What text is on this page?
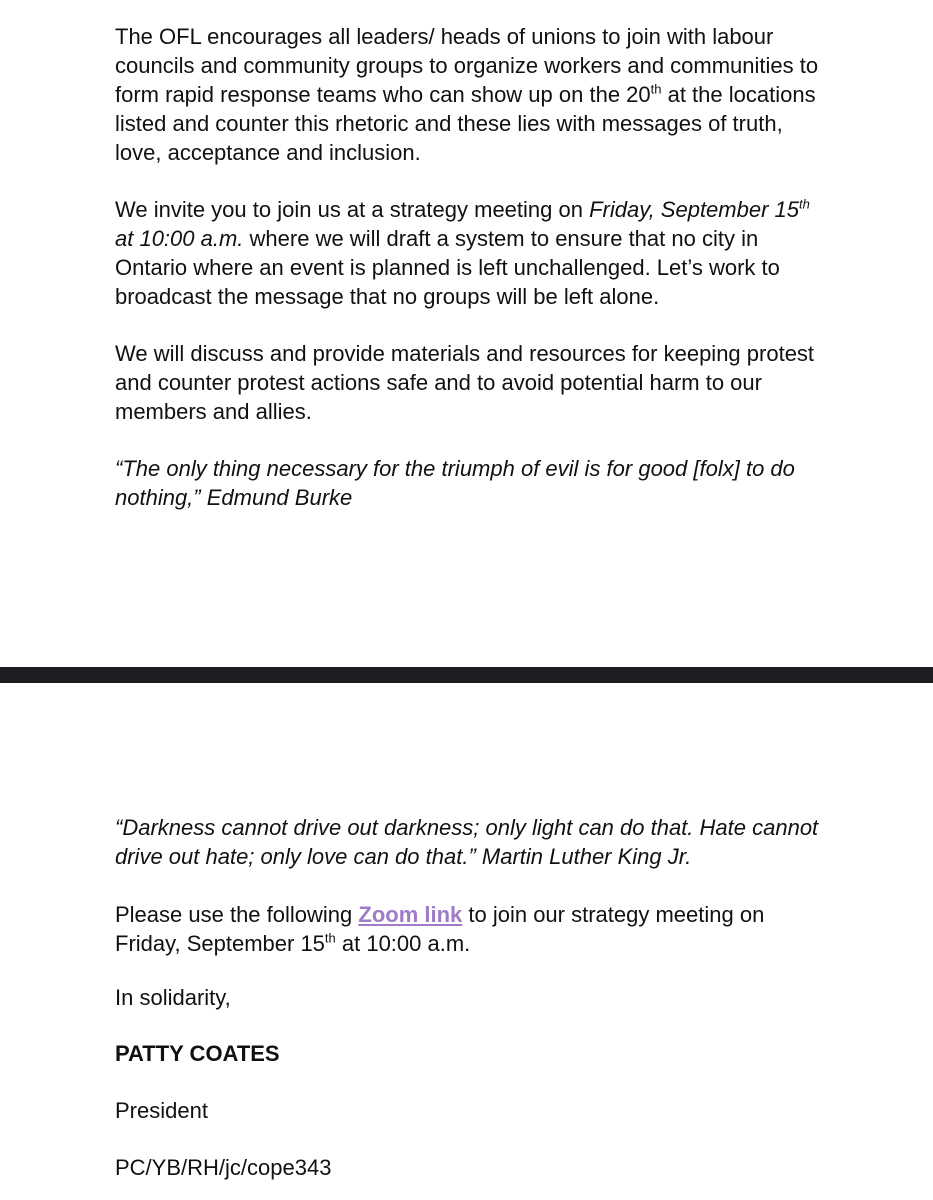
The OFL encourages all leaders/ heads of unions to join with labour councils and community groups to organize workers and communities to form rapid response teams who can show up on the 20th at the locations listed and counter this rhetoric and these lies with messages of truth, love, acceptance and inclusion.

We invite you to join us at a strategy meeting on Friday, September 15th at 10:00 a.m. where we will draft a system to ensure that no city in Ontario where an event is planned is left unchallenged. Let’s work to broadcast the message that no groups will be left alone.

We will discuss and provide materials and resources for keeping protest and counter protest actions safe and to avoid potential harm to our members and allies.

“The only thing necessary for the triumph of evil is for good [folx] to do nothing,” Edmund Burke

“Darkness cannot drive out darkness; only light can do that. Hate cannot drive out hate; only love can do that.” Martin Luther King Jr.

Please use the following Zoom link to join our strategy meeting on Friday, September 15th at 10:00 a.m.

In solidarity,

PATTY COATES

President

PC/YB/RH/jc/cope343
